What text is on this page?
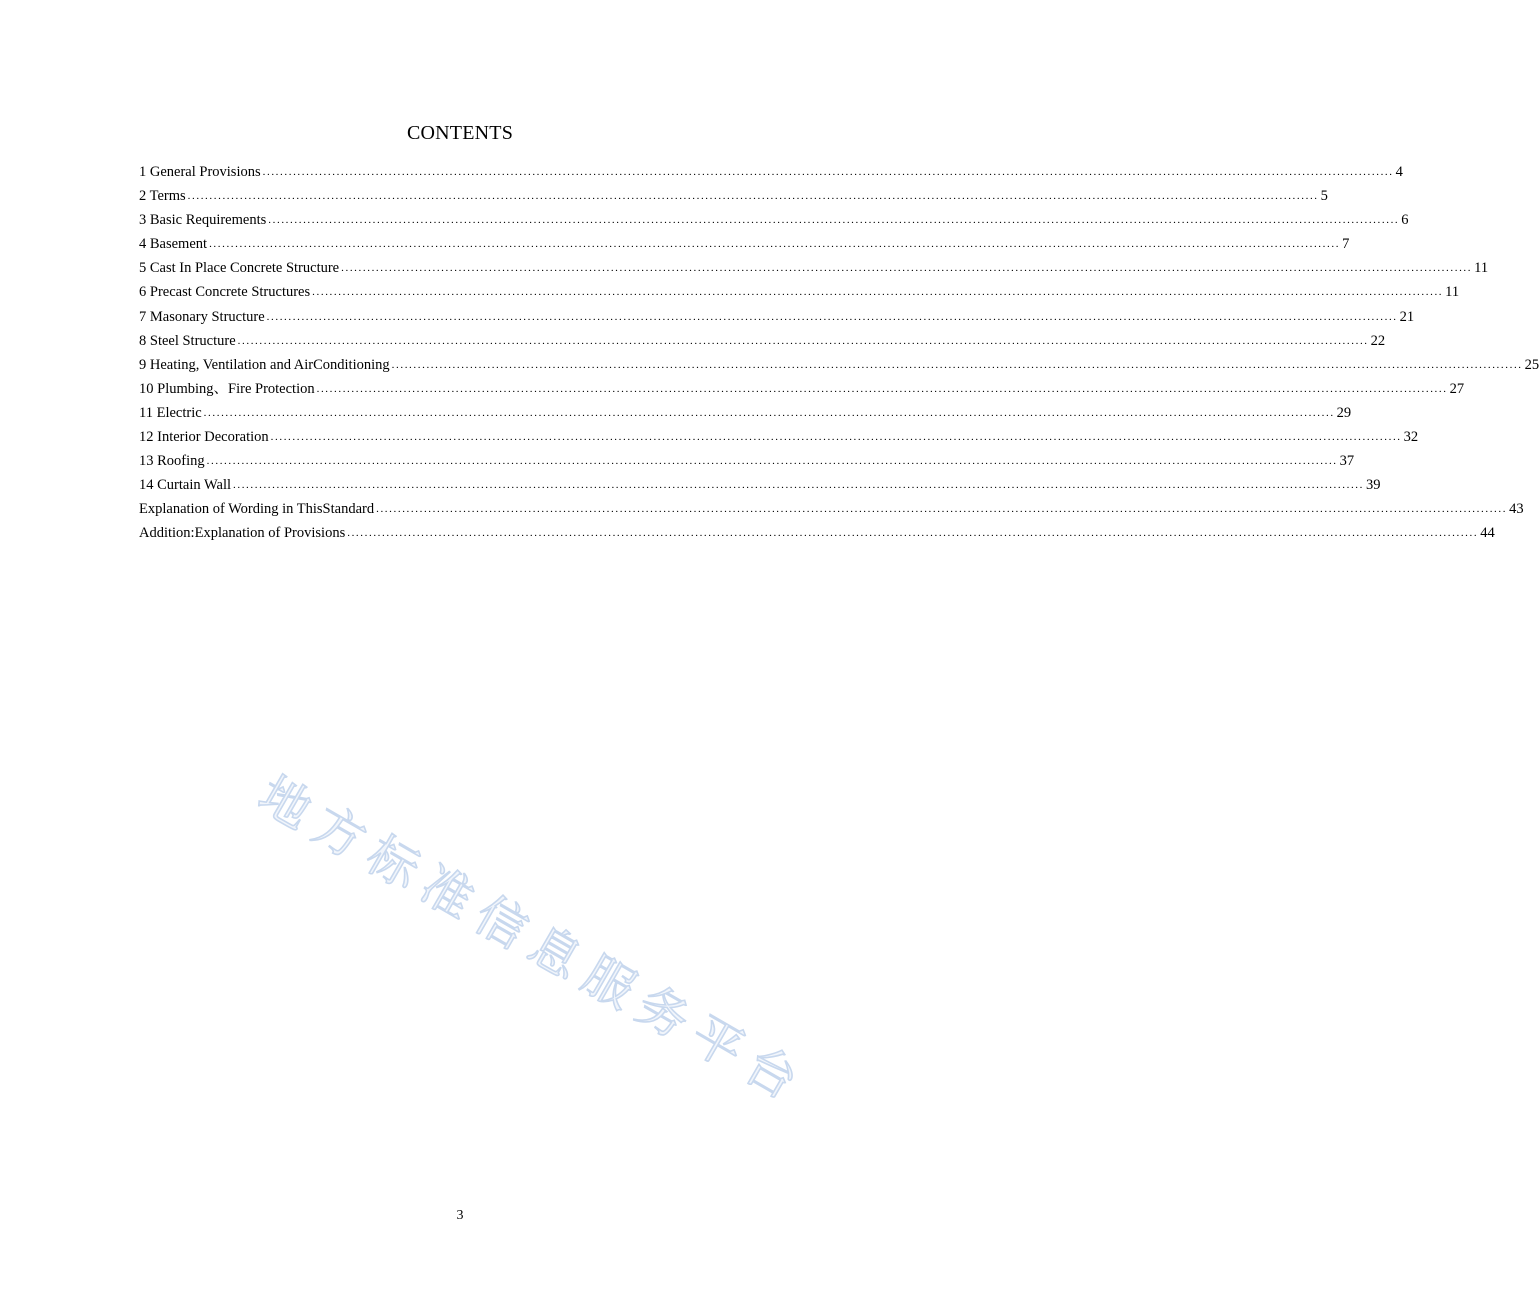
CONTENTS
1 General Provisions .................................................................................................................................................................................................................................................................... 4
2 Terms .................................................................................................................................................................................................................................................................... 5
3 Basic Requirements .................................................................................................................................................................................................................................................................... 6
4 Basement .................................................................................................................................................................................................................................................................... 7
5 Cast In Place Concrete Structure .................................................................................................................................................................................................................................................................... 11
6 Precast Concrete Structures .................................................................................................................................................................................................................................................................... 11
7 Masonary Structure .................................................................................................................................................................................................................................................................... 21
8 Steel Structure .................................................................................................................................................................................................................................................................... 22
9 Heating, Ventilation and AirConditioning .................................................................................................................................................................................................................................................................... 25
10 Plumbing、Fire Protection .................................................................................................................................................................................................................................................................... 27
11 Electric .................................................................................................................................................................................................................................................................... 29
12 Interior Decoration .................................................................................................................................................................................................................................................................... 32
13 Roofing .................................................................................................................................................................................................................................................................... 37
14 Curtain Wall .................................................................................................................................................................................................................................................................... 39
Explanation of Wording in ThisStandard .................................................................................................................................................................................................................................................................... 43
Addition:Explanation of Provisions .................................................................................................................................................................................................................................................................... 44
地
方
标
准
信
息
服
务
平
台
3
